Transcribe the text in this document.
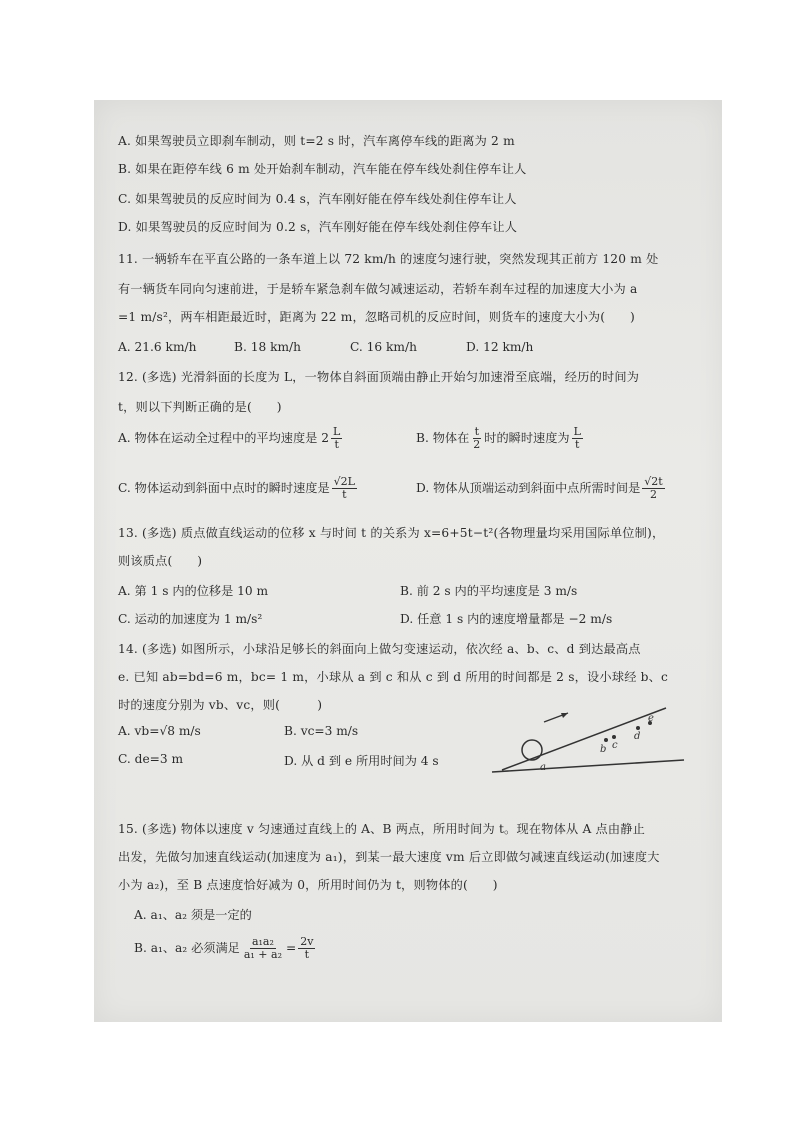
A. 如果驾驶员立即刹车制动，则 t=2 s 时，汽车离停车线的距离为 2 m
B. 如果在距停车线 6 m 处开始刹车制动，汽车能在停车线处刹住停车让人
C. 如果驾驶员的反应时间为 0.4 s，汽车刚好能在停车线处刹住停车让人
D. 如果驾驶员的反应时间为 0.2 s，汽车刚好能在停车线处刹住停车让人
11. 一辆轿车在平直公路的一条车道上以 72 km/h 的速度匀速行驶，突然发现其正前方 120 m 处
有一辆货车同向匀速前进，于是轿车紧急刹车做匀减速运动，若轿车刹车过程的加速度大小为 a
=1 m/s²，两车相距最近时，距离为 22 m，忽略司机的反应时间，则货车的速度大小为(　　)
A. 21.6 km/h	B. 18 km/h	C. 16 km/h	D. 12 km/h
12. (多选) 光滑斜面的长度为 L，一物体自斜面顶端由静止开始匀加速滑至底端，经历的时间为
t，则以下判断正确的是(　　)
A. 物体在运动全过程中的平均速度是 $2 \frac{L}{t}$	B. 物体在 $\frac{t}{2}$ 时的瞬时速度为 $\frac{L}{t}$
C. 物体运动到斜面中点时的瞬时速度是 $\frac{√2L}{t}$	D. 物体从顶端运动到斜面中点所需时间是 $\frac{√2t}{2}$
13. (多选) 质点做直线运动的位移 x 与时间 t 的关系为 x=6+5t−t²(各物理量均采用国际单位制)，
则该质点(　　)
A. 第 1 s 内的位移是 10 m	B. 前 2 s 内的平均速度是 3 m/s
C. 运动的加速度为 1 m/s²	D. 任意 1 s 内的速度增量都是 −2 m/s
14. (多选) 如图所示，小球沿足够长的斜面向上做匀变速运动，依次经 a、b、c、d 到达最高点
e. 已知 ab=bd=6 m，bc= 1 m，小球从 a 到 c 和从 c 到 d 所用的时间都是 2 s，设小球经 b、c
时的速度分别为 vb、vc，则(　　　)
A. vb=√8 m/s	B. vc=3 m/s
C. de=3 m	D. 从 d 到 e 所用时间为 4 s	a
b c
d
e
15. (多选) 物体以速度 v 匀速通过直线上的 A、B 两点，所用时间为 t。现在物体从 A 点由静止
出发，先做匀加速直线运动(加速度为 a₁)，到某一最大速度 vm 后立即做匀减速直线运动(加速度大
小为 a₂)，至 B 点速度恰好减为 0，所用时间仍为 t，则物体的(　　)
A. a₁、a₂ 须是一定的
B. a₁、a₂ 必须满足 $\frac{\text{a₁a₂}}{\text{a₁ + a₂}} = \frac{2v}{t}$
